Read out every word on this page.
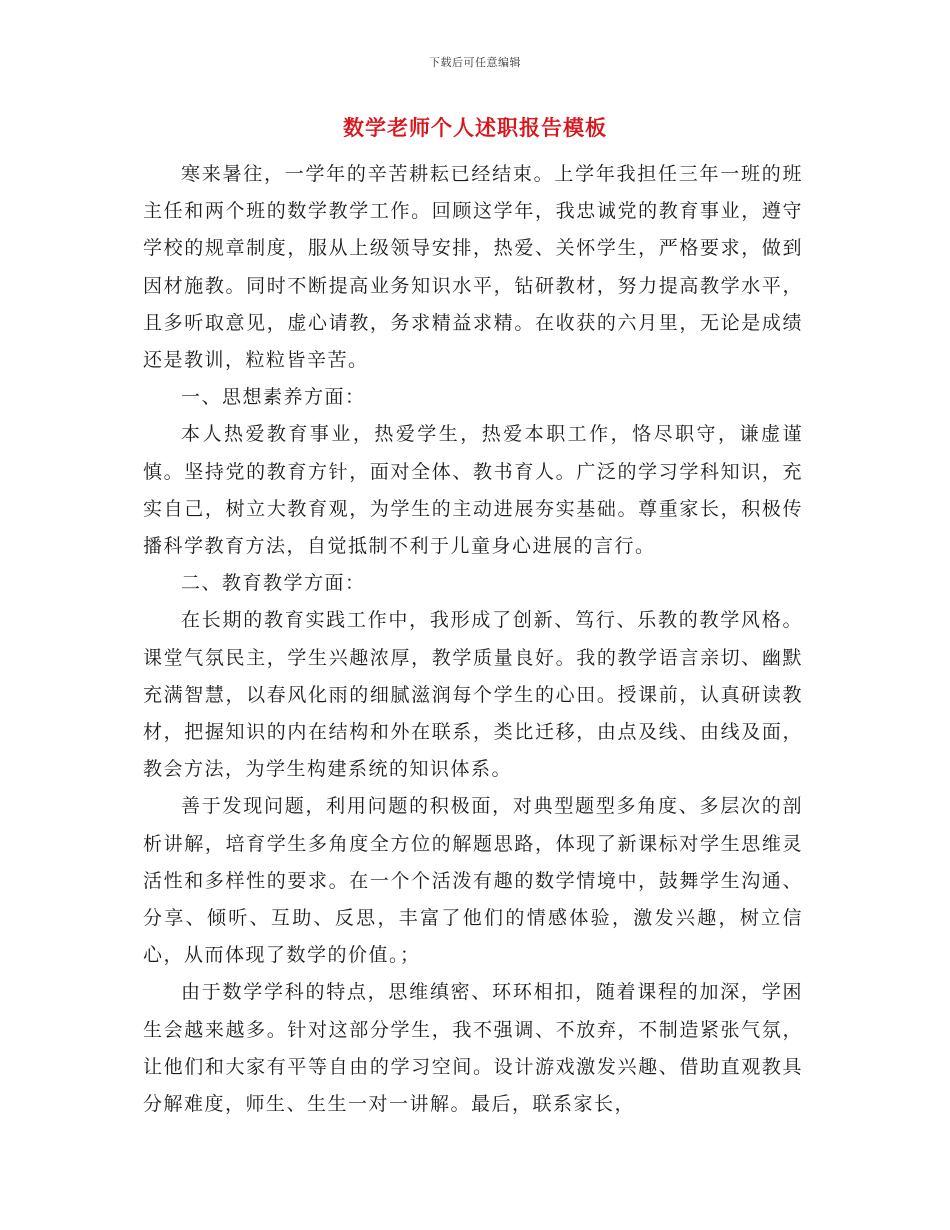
下载后可任意编辑
数学老师个人述职报告模板

寒来暑往，一学年的辛苦耕耘已经结束。上学年我担任三年一班的班主任和两个班的数学教学工作。回顾这学年，我忠诚党的教育事业，遵守学校的规章制度，服从上级领导安排，热爱、关怀学生，严格要求，做到因材施教。同时不断提高业务知识水平，钻研教材，努力提高教学水平，且多听取意见，虚心请教，务求精益求精。在收获的六月里，无论是成绩还是教训，粒粒皆辛苦。

一、思想素养方面：

本人热爱教育事业，热爱学生，热爱本职工作，恪尽职守，谦虚谨慎。坚持党的教育方针，面对全体、教书育人。广泛的学习学科知识，充实自己，树立大教育观，为学生的主动进展夯实基础。尊重家长，积极传播科学教育方法，自觉抵制不利于儿童身心进展的言行。

二、教育教学方面：

在长期的教育实践工作中，我形成了创新、笃行、乐教的教学风格。课堂气氛民主，学生兴趣浓厚，教学质量良好。我的教学语言亲切、幽默充满智慧，以春风化雨的细腻滋润每个学生的心田。授课前，认真研读教材，把握知识的内在结构和外在联系，类比迁移，由点及线、由线及面，教会方法，为学生构建系统的知识体系。

善于发现问题，利用问题的积极面，对典型题型多角度、多层次的剖析讲解，培育学生多角度全方位的解题思路，体现了新课标对学生思维灵活性和多样性的要求。在一个个活泼有趣的数学情境中，鼓舞学生沟通、分享、倾听、互助、反思，丰富了他们的情感体验，激发兴趣，树立信心，从而体现了数学的价值。；

由于数学学科的特点，思维缜密、环环相扣，随着课程的加深，学困生会越来越多。针对这部分学生，我不强调、不放弃，不制造紧张气氛，让他们和大家有平等自由的学习空间。设计游戏激发兴趣、借助直观教具分解难度，师生、生生一对一讲解。最后，联系家长，
